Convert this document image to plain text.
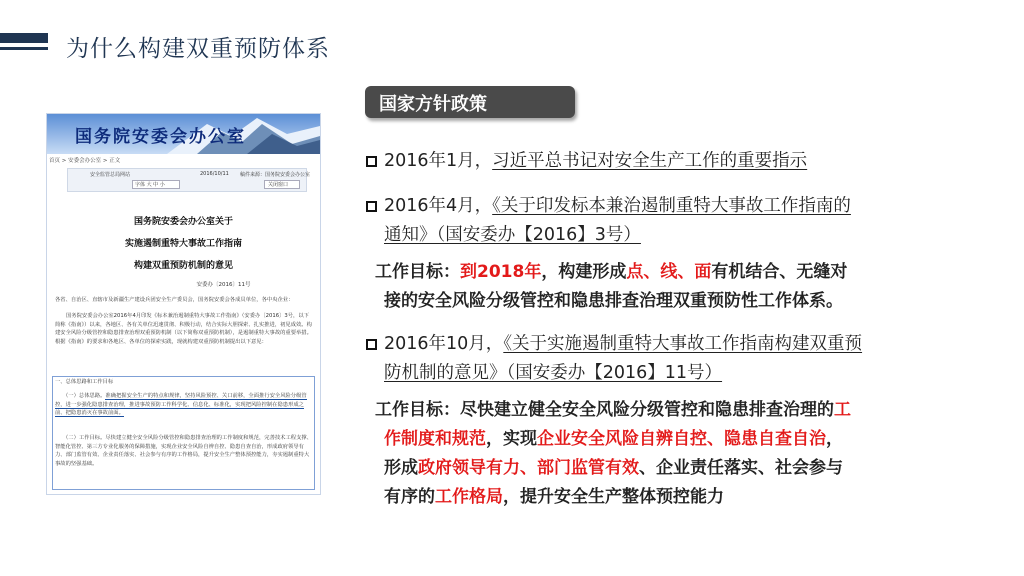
为什么构建双重预防体系
国务院安委会办公室
首页 > 安委会办公室 > 正文
安全监管总局网站	2016/10/11 稿件来源：国务院安委会办公室
字体 大 中 小	关闭窗口
国务院安委会办公室关于
实施遏制重特大事故工作指南
构建双重预防机制的意见
安委办〔2016〕11号
各省、自治区、直辖市及新疆生产建设兵团安全生产委员会，国务院安委会各成员单位，各中央企业：
国务院安委会办公室2016年4月印发《标本兼治遏制重特大事故工作指南》（安委办〔2016〕3号，以下简称《指南》）以来，各地区、各有关单位迅速贯彻、积极行动，结合实际大胆探索、扎实推进，初见成效。构建安全风险分级管控和隐患排查治理双重预防机制（以下简称双重预防机制），是遏制重特大事故的重要举措。根据《指南》的要求和各地区、各单位的探索实践，现就构建双重预防机制提出以下意见：
一、总体思路和工作目标
（一）总体思路。准确把握安全生产的特点和规律，坚持风险预控、关口前移，全面推行安全风险分级管控，进一步强化隐患排查治理，推进事故预防工作科学化、信息化、标准化，实现把风险控制在隐患形成之前、把隐患消灭在事故前面。
（二）工作目标。尽快建立健全安全风险分级管控和隐患排查治理的工作制度和规范，完善技术工程支撑、智能化管控、第三方专业化服务的保障措施，实现企业安全风险自辨自控、隐患自查自治，形成政府领导有力、部门监管有效、企业责任落实、社会参与有序的工作格局，提升安全生产整体预控能力，夯实遏制重特大事故的坚强基础。
国家方针政策
2016年1月，习近平总书记对安全生产工作的重要指示
2016年4月，《关于印发标本兼治遏制重特大事故工作指南的
通知》（国安委办【2016】3号）
工作目标：到2018年，构建形成点、线、面有机结合、无缝对
接的安全风险分级管控和隐患排查治理双重预防性工作体系。
2016年10月，《关于实施遏制重特大事故工作指南构建双重预
防机制的意见》（国安委办【2016】11号）
工作目标：尽快建立健全安全风险分级管控和隐患排查治理的工
作制度和规范，实现企业安全风险自辨自控、隐患自查自治，
形成政府领导有力、部门监管有效、企业责任落实、社会参与
有序的工作格局，提升安全生产整体预控能力
